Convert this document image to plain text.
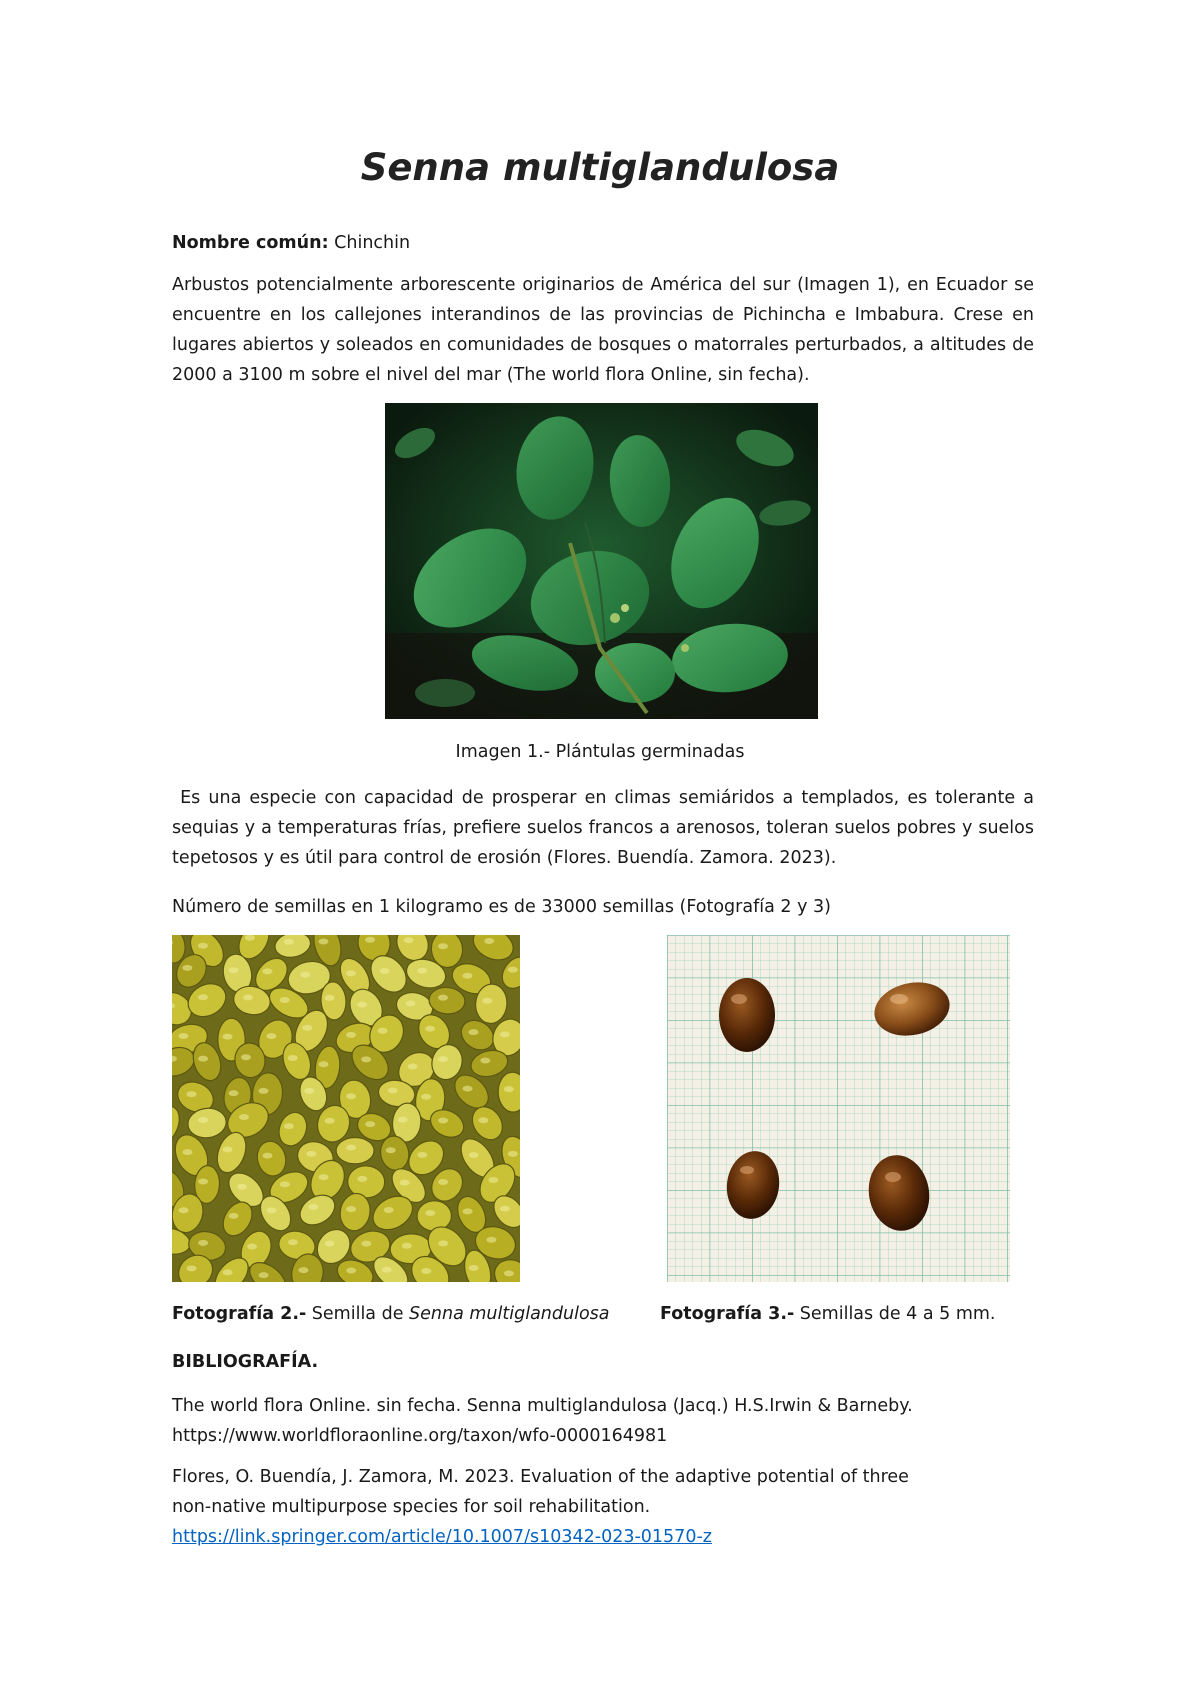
Senna multiglandulosa
Nombre común: Chinchin
Arbustos potencialmente arborescente originarios de América del sur (Imagen 1), en Ecuador se encuentre en los callejones interandinos de las provincias de Pichincha e Imbabura. Crese en lugares abiertos y soleados en comunidades de bosques o matorrales perturbados, a altitudes de 2000 a 3100 m sobre el nivel del mar (The world flora Online, sin fecha).
Imagen 1.- Plántulas germinadas
Es una especie con capacidad de prosperar en climas semiáridos a templados, es tolerante a sequias y a temperaturas frías, prefiere suelos francos a arenosos, toleran suelos pobres y suelos tepetosos y es útil para control de erosión (Flores. Buendía. Zamora. 2023).
Número de semillas en 1 kilogramo es de 33000 semillas (Fotografía 2 y 3)
Fotografía 2.- Semilla de Senna multiglandulosa	Fotografía 3.- Semillas de 4 a 5 mm.
BIBLIOGRAFÍA.
The world flora Online. sin fecha. Senna multiglandulosa (Jacq.) H.S.Irwin & Barneby.
https://www.worldfloraonline.org/taxon/wfo-0000164981
Flores, O. Buendía, J. Zamora, M. 2023. Evaluation of the adaptive potential of three
non-native multipurpose species for soil rehabilitation.
https://link.springer.com/article/10.1007/s10342-023-01570-z
